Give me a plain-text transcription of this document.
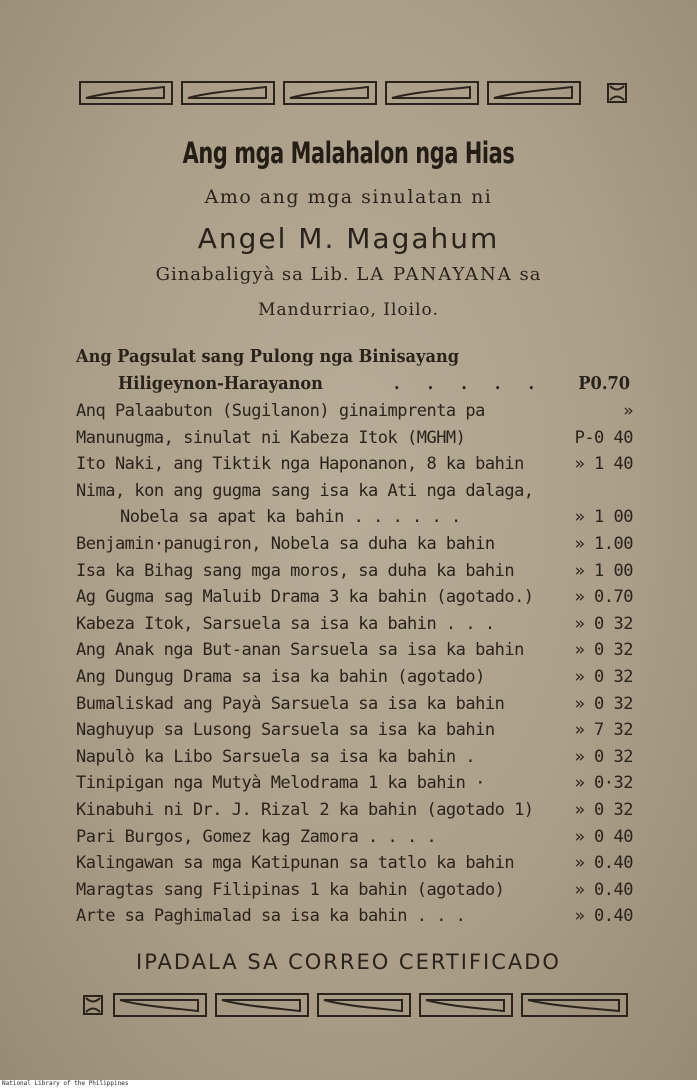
Ang mga Malahalon nga Hias
Amo ang mga sinulatan ni
Angel M. Magahum
Ginabaligyà sa Lib. LA PANAYANA sa
Mandurriao, Iloilo.
Ang Pagsulat sang Pulong nga Binisayang
Hiligeynon-Harayanon	..... P0.70
Anq Palaabuton (Sugilanon) ginaimprenta pa	»
Manunugma, sinulat ni Kabeza Itok (MGHM)	P-0 40
Ito Naki, ang Tiktik nga Haponanon, 8 ka bahin	» 1 40
Nima, kon ang gugma sang isa ka Ati nga dalaga,
Nobela sa apat ka bahin . . . . . .	» 1 00
Benjamin·panugiron, Nobela sa duha ka bahin	» 1.00
Isa ka Bihag sang mga moros, sa duha ka bahin	» 1 00
Ag Gugma sag Maluib Drama 3 ka bahin (agotado.) » 0.70
Kabeza Itok, Sarsuela sa isa ka bahin . . .	» 0 32
Ang Anak nga But-anan Sarsuela sa isa ka bahin	» 0 32
Ang Dungug Drama sa isa ka bahin (agotado)	» 0 32
Bumaliskad ang Payà Sarsuela sa isa ka bahin	» 0 32
Naghuyup sa Lusong Sarsuela sa isa ka bahin	» 7 32
Napulò ka Libo Sarsuela sa isa ka bahin .	» 0 32
Tinipigan nga Mutyà Melodrama 1 ka bahin ·	» 0·32
Kinabuhi ni Dr. J. Rizal 2 ka bahin (agotado 1) » 0 32
Pari Burgos, Gomez kag Zamora . . . .	» 0 40
Kalingawan sa mga Katipunan sa tatlo ka bahin	» 0.40
Maragtas sang Filipinas 1 ka bahin (agotado)	» 0.40
Arte sa Paghimalad sa isa ka bahin . . .	» 0.40
IPADALA SA CORREO CERTIFICADO
National Library of the Philippines
